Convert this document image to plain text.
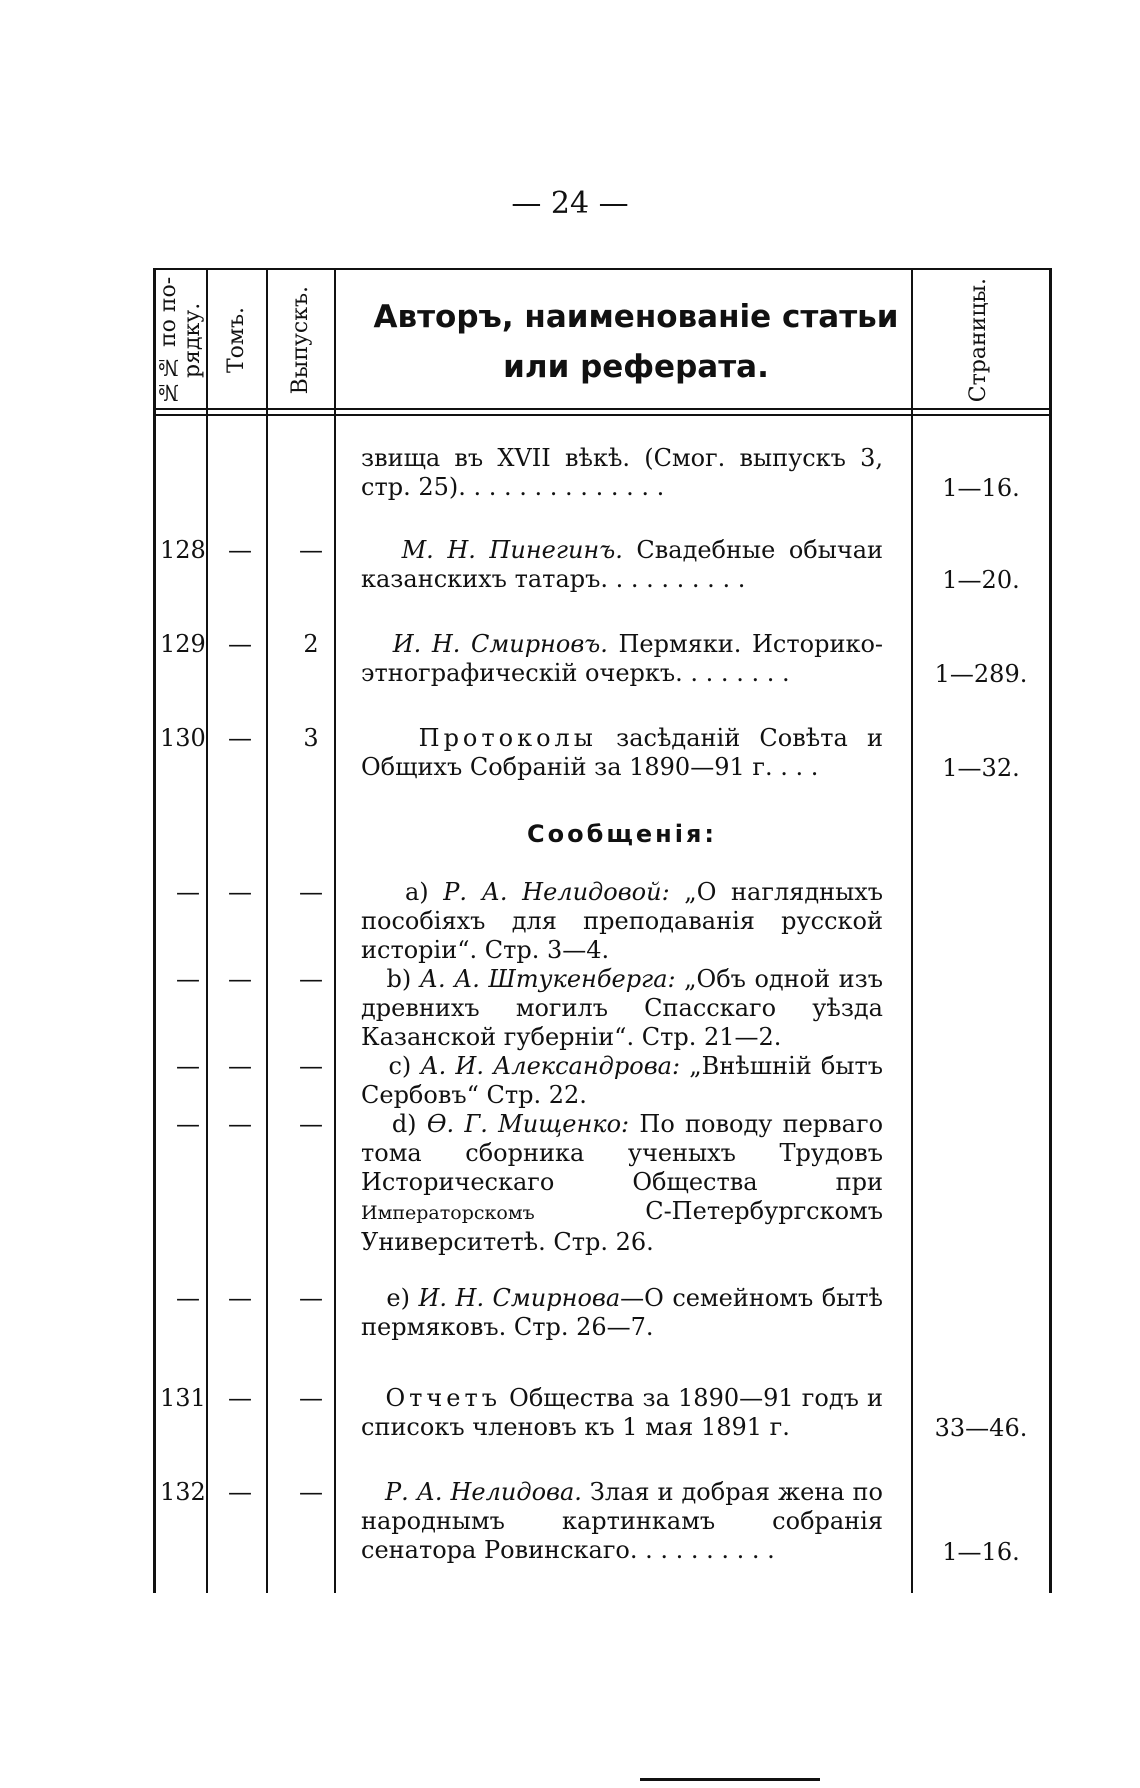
— 24 —
№№ по по-рядку. Томъ. Выпускъ.	Авторъ, наименованіе статьи
или реферата.	Страницы.
звища въ XVII вѣкѣ. (Смог. выпускъ 3, стр. 25). . . . . . . . . . . . . .	1—16.
128 — —	М. Н. Пинегинъ. Свадебные обычаи казанскихъ татаръ. . . . . . . . . .	1—20.
129 —	2	И. Н. Смирновъ. Пермяки. Историко-этнографическій очеркъ. . . . . . . .	1—289.
130 —	3	Протоколы засѣданій Совѣта и Общихъ Собраній за 1890—91 г. . . .	1—32.
Сообщенія:
— — —	a) Р. А. Нелидовой: „О наглядныхъ пособіяхъ для преподаванія русской исторіи“. Стр. 3—4.
— — —	b) А. А. Штукенберга: „Объ одной изъ древнихъ могилъ Спасскаго уѣзда Казанской губерніи“. Стр. 21—2.
— — —	c) А. И. Александрова: „Внѣшній бытъ Сербовъ“ Стр. 22.
— — —	d) Ѳ. Г. Мищенко: По поводу перваго тома сборника ученыхъ Трудовъ Историческаго Общества при Императорскомъ С-Петербургскомъ Университетѣ. Стр. 26.
— — —	e) И. Н. Смирнова—О семейномъ бытѣ пермяковъ. Стр. 26—7.
131 — —	Отчетъ Общества за 1890—91 годъ и списокъ членовъ къ 1 мая 1891 г.	33—46.
132 — —	Р. А. Нелидова. Злая и добрая жена по народнымъ картинкамъ собранія сенатора Ровинскаго. . . . . . . . . .	1—16.
